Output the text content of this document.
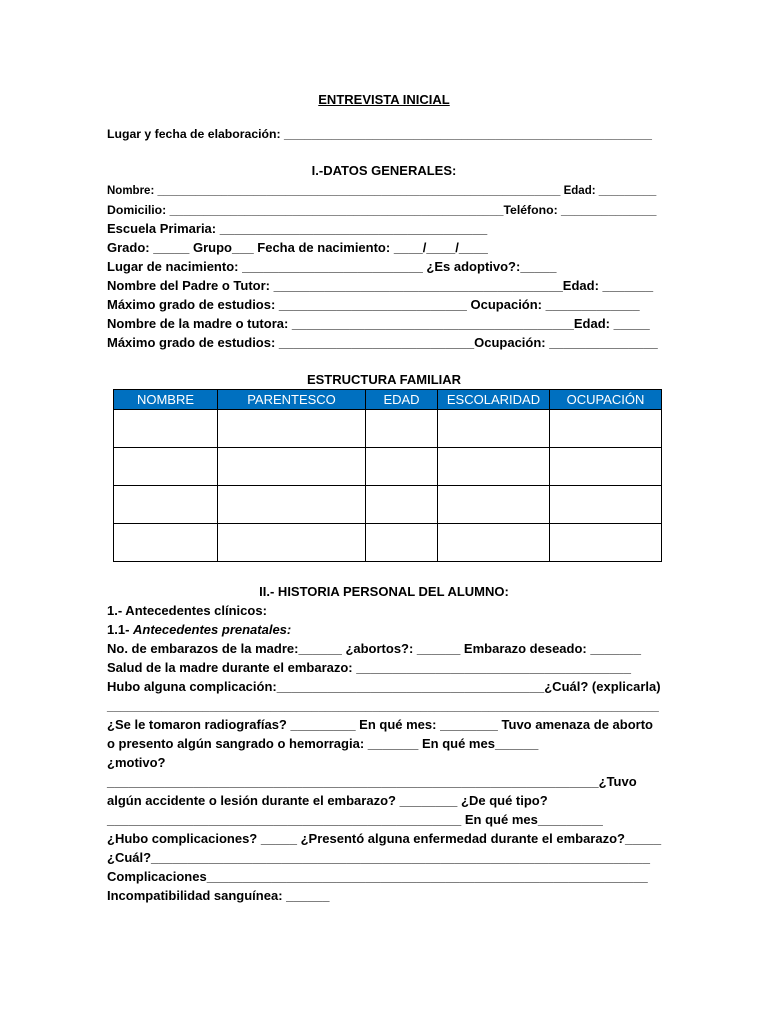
ENTREVISTA INICIAL
Lugar y fecha de elaboración: ______________________________________________________
I.-DATOS GENERALES:
Nombre: _______________________________________________________________ Edad: _________
Domicilio: _________________________________________________Teléfono: ______________
Escuela Primaria: _____________________________________
Grado: _____ Grupo___ Fecha de nacimiento: ____/____/____
Lugar de nacimiento: _________________________ ¿Es adoptivo?:_____
Nombre del Padre o Tutor: ________________________________________Edad: _______
Máximo grado de estudios: __________________________ Ocupación: _____________
Nombre de la madre o tutora: _______________________________________Edad: _____
Máximo grado de estudios: ___________________________Ocupación: _______________
ESTRUCTURA FAMILIAR
NOMBRE	PARENTESCO	EDAD	ESCOLARIDAD	OCUPACIÓN

II.- HISTORIA PERSONAL DEL ALUMNO:
1.- Antecedentes clínicos:
1.1- Antecedentes prenatales:
No. de embarazos de la madre:______ ¿abortos?: ______ Embarazo deseado: _______
Salud de la madre durante el embarazo: ______________________________________
Hubo alguna complicación:_____________________________________¿Cuál? (explicarla)
_________________________________________________________________________________
¿Se le tomaron radiografías? _________ En qué mes: ________ Tuvo amenaza de aborto
o presento algún sangrado o hemorragia: _______ En qué mes______
¿motivo?
____________________________________________________________________¿Tuvo
algún accidente o lesión durante el embarazo? ________ ¿De qué tipo?
_________________________________________________ En qué mes_________
¿Hubo complicaciones? _____ ¿Presentó alguna enfermedad durante el embarazo?_____
¿Cuál?_____________________________________________________________________
Complicaciones_____________________________________________________________
Incompatibilidad sanguínea: ______
